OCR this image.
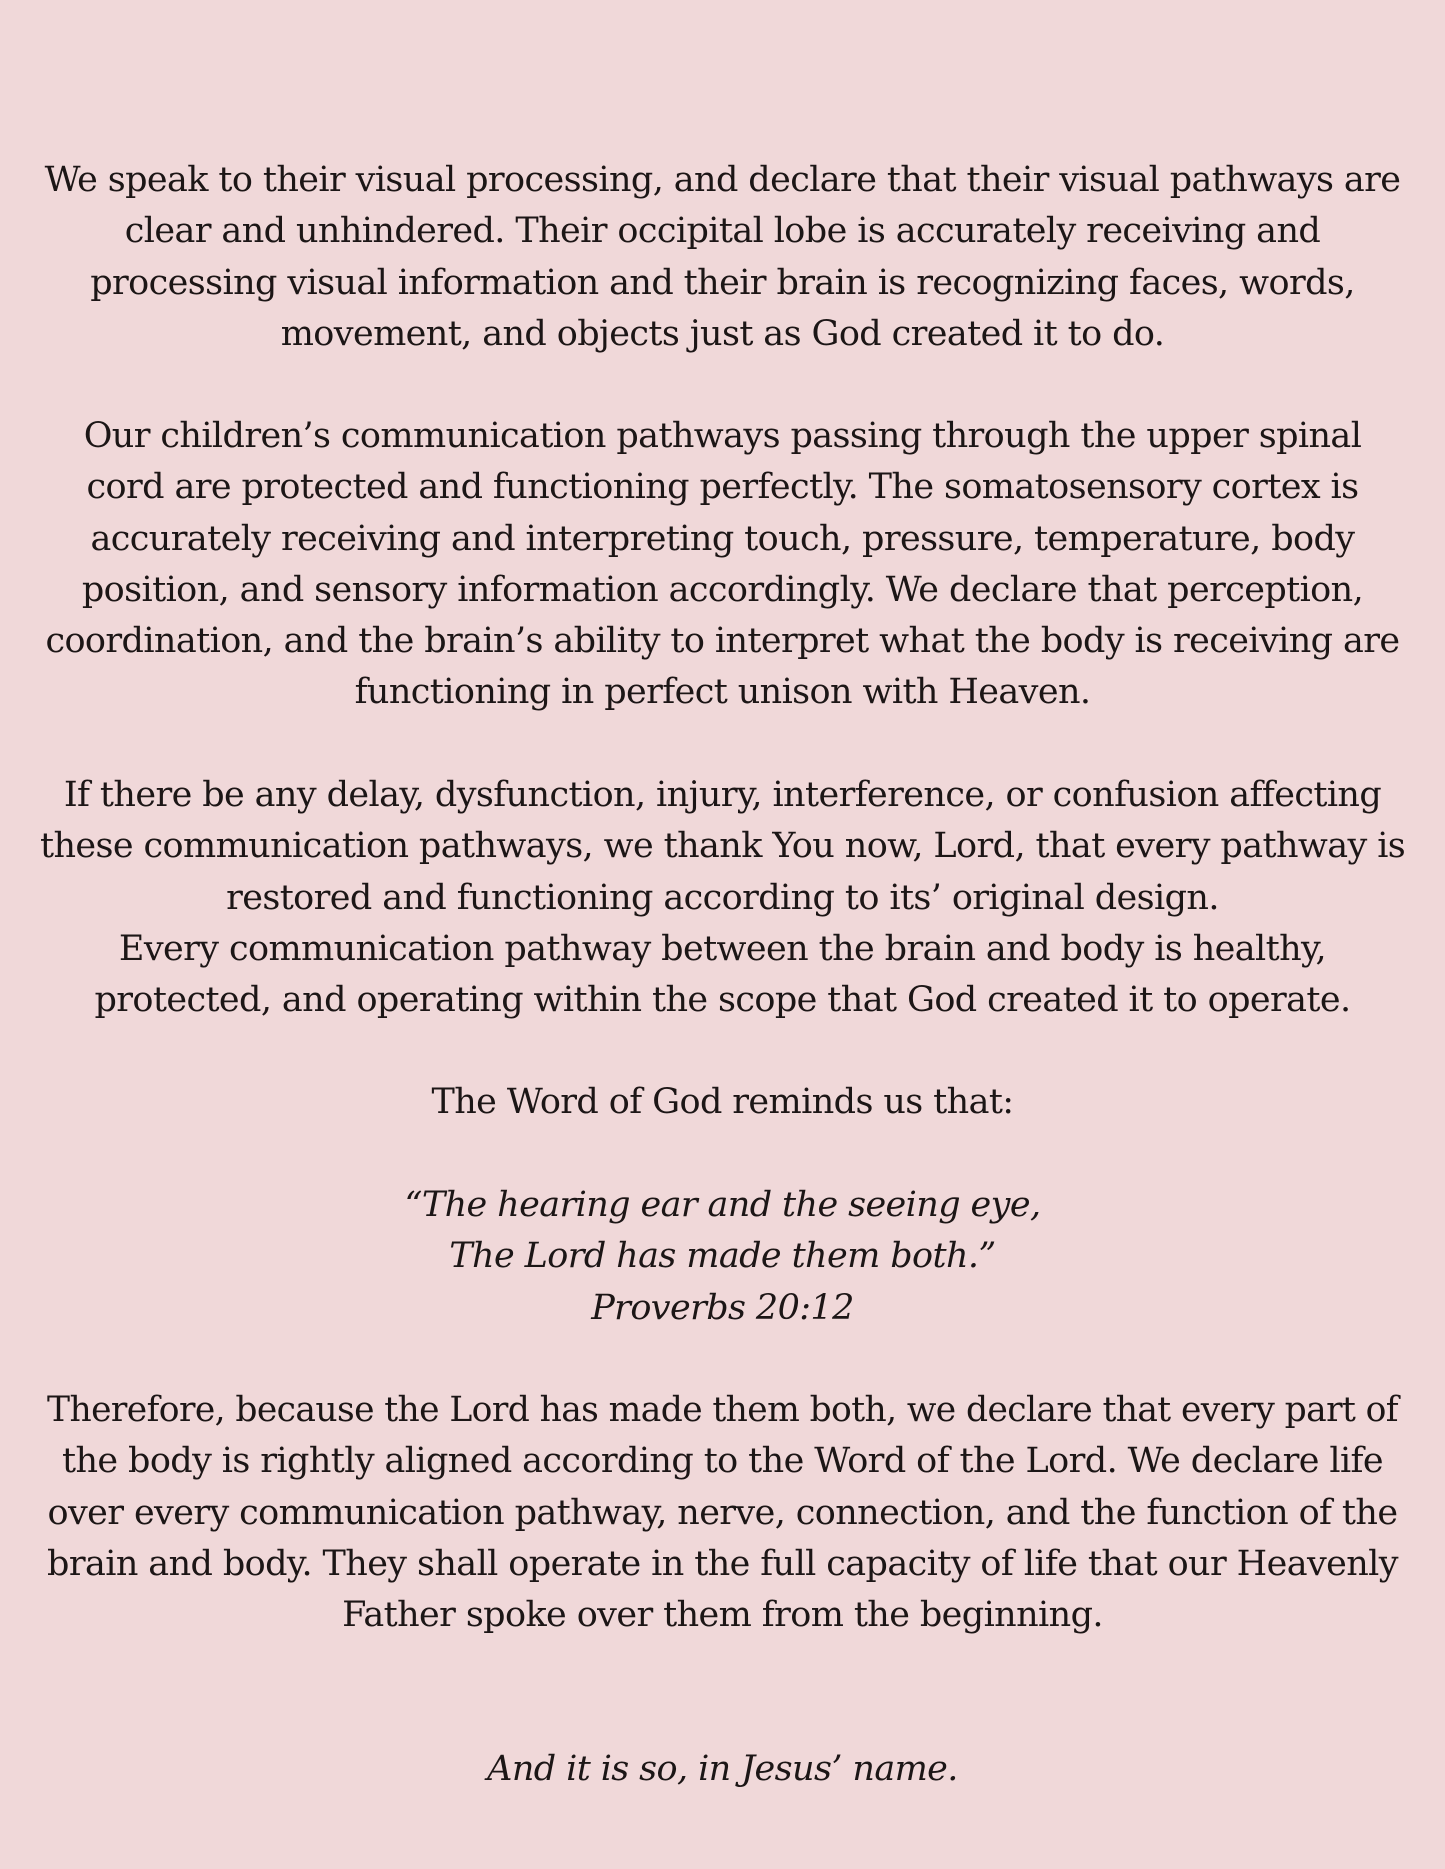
We speak to their visual processing, and declare that their visual pathways are
clear and unhindered. Their occipital lobe is accurately receiving and
processing visual information and their brain is recognizing faces, words,
movement, and objects just as God created it to do.
Our children’s communication pathways passing through the upper spinal
cord are protected and functioning perfectly. The somatosensory cortex is
accurately receiving and interpreting touch, pressure, temperature, body
position, and sensory information accordingly. We declare that perception,
coordination, and the brain’s ability to interpret what the body is receiving are
functioning in perfect unison with Heaven.
If there be any delay, dysfunction, injury, interference, or confusion affecting
these communication pathways, we thank You now, Lord, that every pathway is
restored and functioning according to its’ original design.
Every communication pathway between the brain and body is healthy,
protected, and operating within the scope that God created it to operate.
The Word of God reminds us that:
“The hearing ear and the seeing eye,
The Lord has made them both.”
Proverbs 20:12
Therefore, because the Lord has made them both, we declare that every part of
the body is rightly aligned according to the Word of the Lord. We declare life
over every communication pathway, nerve, connection, and the function of the
brain and body. They shall operate in the full capacity of life that our Heavenly
Father spoke over them from the beginning.
And it is so, in Jesus’ name.
